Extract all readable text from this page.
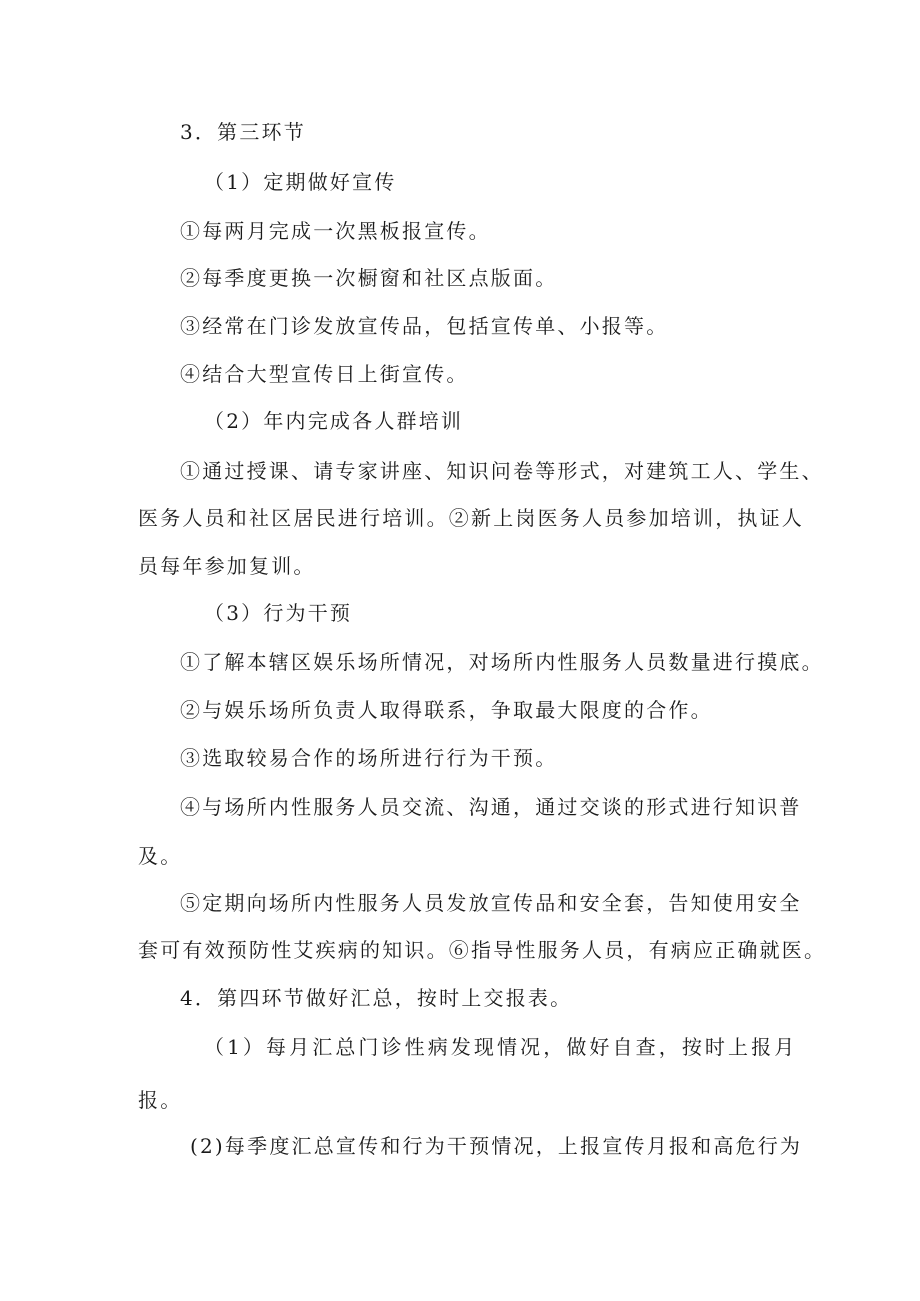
3．第三环节
（1）定期做好宣传
①每两月完成一次黑板报宣传。
②每季度更换一次橱窗和社区点版面。
③经常在门诊发放宣传品，包括宣传单、小报等。
④结合大型宣传日上街宣传。
（2）年内完成各人群培训
①通过授课、请专家讲座、知识问卷等形式，对建筑工人、学生、
医务人员和社区居民进行培训。②新上岗医务人员参加培训，执证人
员每年参加复训。
（3）行为干预
①了解本辖区娱乐场所情况，对场所内性服务人员数量进行摸底。
②与娱乐场所负责人取得联系，争取最大限度的合作。
③选取较易合作的场所进行行为干预。
④与场所内性服务人员交流、沟通，通过交谈的形式进行知识普
及。
⑤定期向场所内性服务人员发放宣传品和安全套，告知使用安全
套可有效预防性艾疾病的知识。⑥指导性服务人员，有病应正确就医。
4．第四环节做好汇总，按时上交报表。
（1）每月汇总门诊性病发现情况，做好自查，按时上报月
报。
(2)每季度汇总宣传和行为干预情况，上报宣传月报和高危行为
